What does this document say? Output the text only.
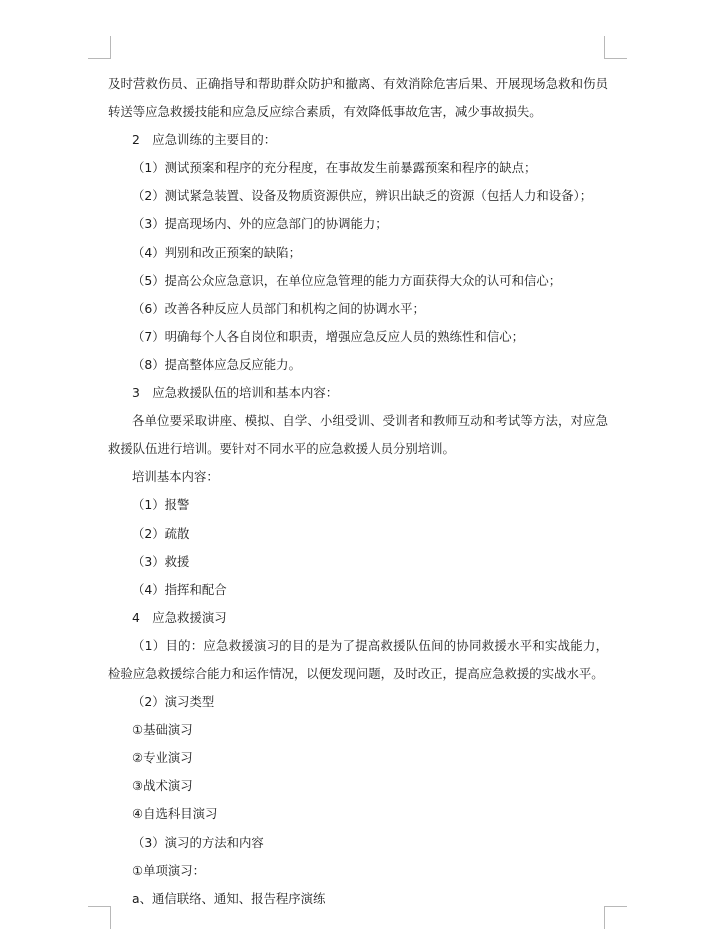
及时营救伤员、正确指导和帮助群众防护和撤离、有效消除危害后果、开展现场急救和伤员
转送等应急救援技能和应急反应综合素质，有效降低事故危害，减少事故损失。
2　应急训练的主要目的：
（1）测试预案和程序的充分程度，在事故发生前暴露预案和程序的缺点；
（2）测试紧急装置、设备及物质资源供应，辨识出缺乏的资源（包括人力和设备）；
（3）提高现场内、外的应急部门的协调能力；
（4）判别和改正预案的缺陷；
（5）提高公众应急意识，在单位应急管理的能力方面获得大众的认可和信心；
（6）改善各种反应人员部门和机构之间的协调水平；
（7）明确每个人各自岗位和职责，增强应急反应人员的熟练性和信心；
（8）提高整体应急反应能力。
3　应急救援队伍的培训和基本内容：
各单位要采取讲座、模拟、自学、小组受训、受训者和教师互动和考试等方法，对应急
救援队伍进行培训。要针对不同水平的应急救援人员分别培训。
培训基本内容：
（1）报警
（2）疏散
（3）救援
（4）指挥和配合
4　应急救援演习
（1）目的：应急救援演习的目的是为了提高救援队伍间的协同救援水平和实战能力，
检验应急救援综合能力和运作情况，以便发现问题，及时改正，提高应急救援的实战水平。
（2）演习类型
①基础演习
②专业演习
③战术演习
④自选科目演习
（3）演习的方法和内容
①单项演习：
a、通信联络、通知、报告程序演练
